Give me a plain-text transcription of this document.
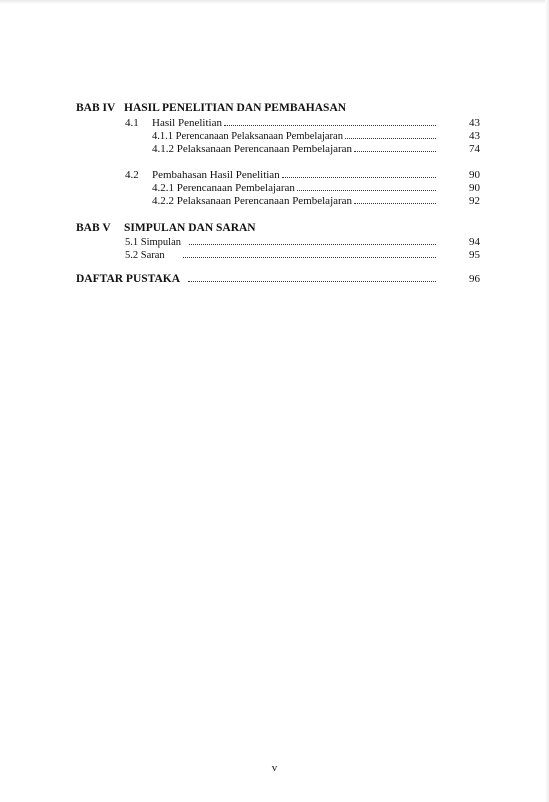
BAB IV HASIL PENELITIAN DAN PEMBAHASAN
4.1 Hasil Penelitian	43
4.1.1 Perencanaan Pelaksanaan Pembelajaran	43
4.1.2 Pelaksanaan Perencanaan Pembelajaran	74
4.2 Pembahasan Hasil Penelitian	90
4.2.1 Perencanaan Pembelajaran	90
4.2.2 Pelaksanaan Perencanaan Pembelajaran	92
BAB V SIMPULAN DAN SARAN
5.1 Simpulan	94
5.2 Saran	95
DAFTAR PUSTAKA	96
v
